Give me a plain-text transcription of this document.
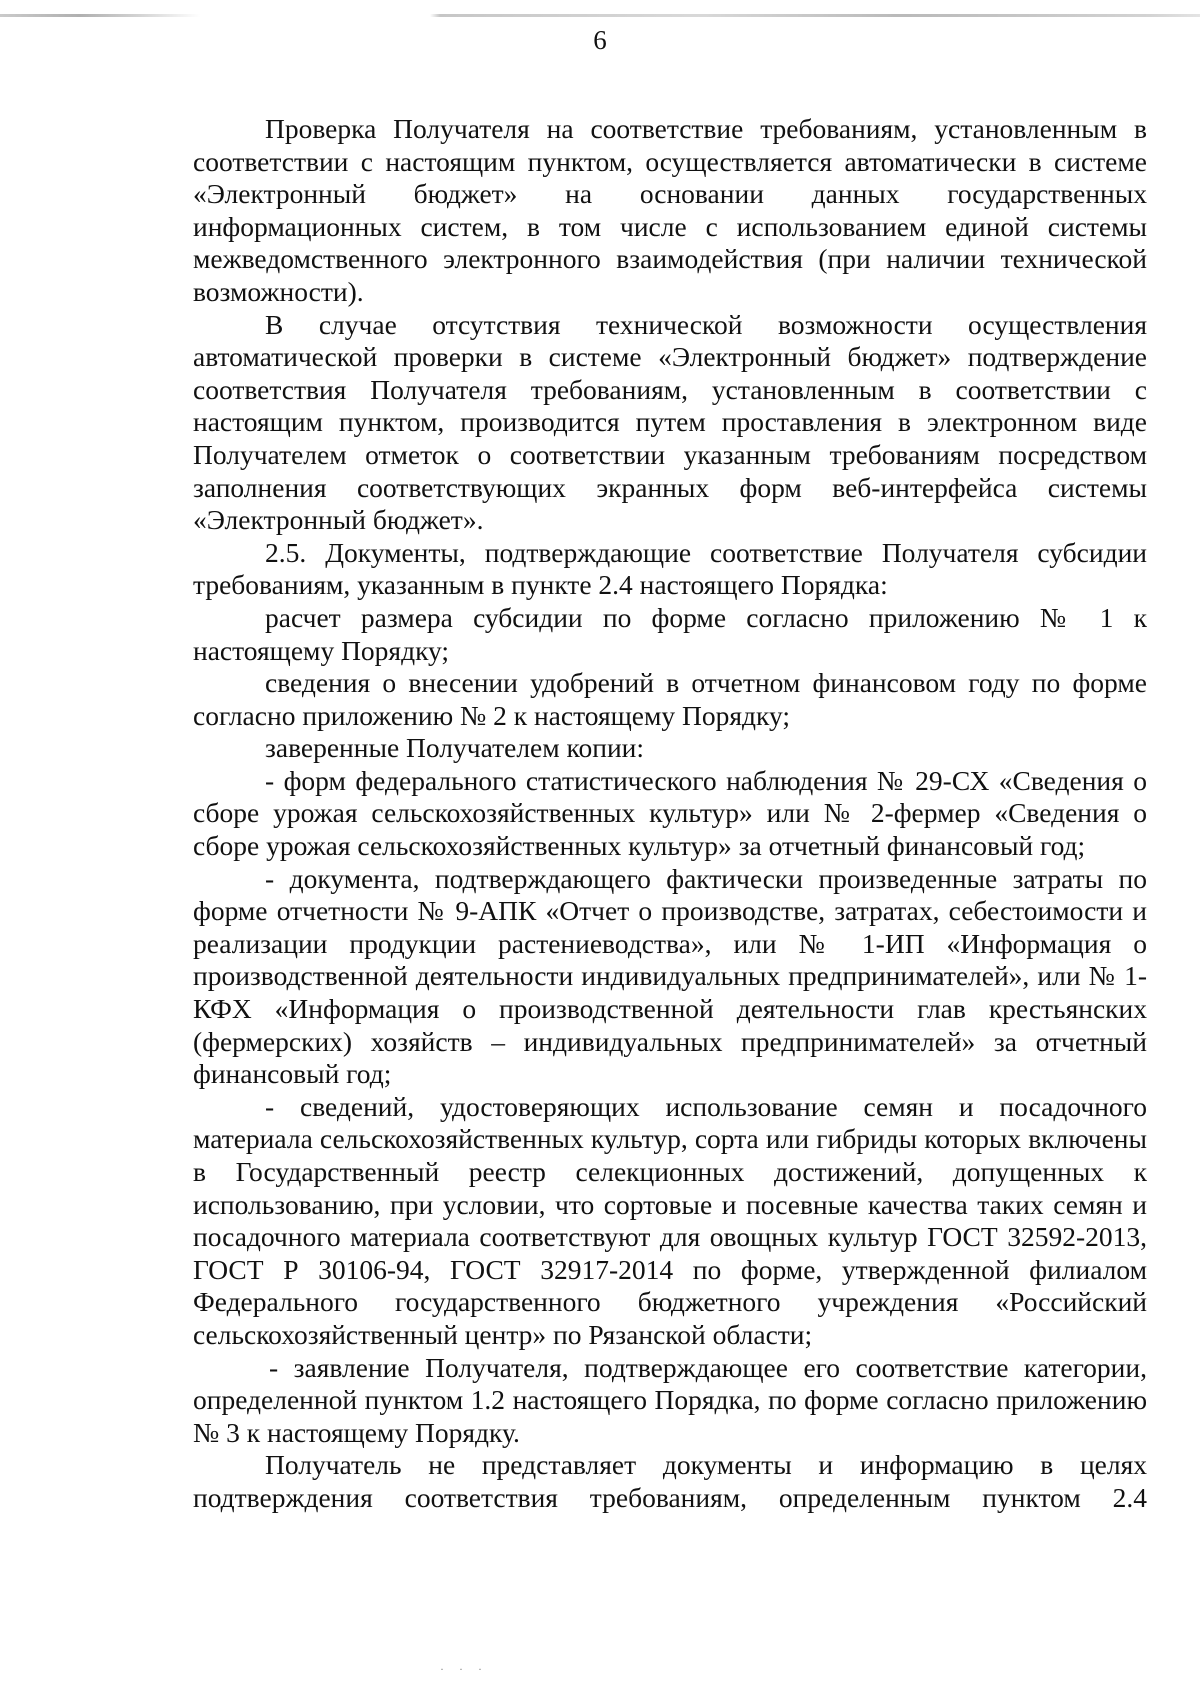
6

Проверка Получателя на соответствие требованиям, установленным в соответствии с настоящим пунктом, осуществляется автоматически в системе «Электронный бюджет» на основании данных государственных информационных систем, в том числе с использованием единой системы межведомственного электронного взаимодействия (при наличии технической возможности).

В случае отсутствия технической возможности осуществления автоматической проверки в системе «Электронный бюджет» подтверждение соответствия Получателя требованиям, установленным в соответствии с настоящим пунктом, производится путем проставления в электронном виде Получателем отметок о соответствии указанным требованиям посредством заполнения соответствующих экранных форм веб-интерфейса системы «Электронный бюджет».

2.5. Документы, подтверждающие соответствие Получателя субсидии требованиям, указанным в пункте 2.4 настоящего Порядка:

расчет размера субсидии по форме согласно приложению № 1 к настоящему Порядку;

сведения о внесении удобрений в отчетном финансовом году по форме согласно приложению № 2 к настоящему Порядку;

заверенные Получателем копии:

- форм федерального статистического наблюдения № 29-СХ «Сведения о сборе урожая сельскохозяйственных культур» или № 2-фермер «Сведения о сборе урожая сельскохозяйственных культур» за отчетный финансовый год;

- документа, подтверждающего фактически произведенные затраты по форме отчетности № 9-АПК «Отчет о производстве, затратах, себестоимости и реализации продукции растениеводства», или № 1-ИП «Информация о производственной деятельности индивидуальных предпринимателей», или № 1-КФХ «Информация о производственной деятельности глав крестьянских (фермерских) хозяйств – индивидуальных предпринимателей» за отчетный финансовый год;

- сведений, удостоверяющих использование семян и посадочного материала сельскохозяйственных культур, сорта или гибриды которых включены в Государственный реестр селекционных достижений, допущенных к использованию, при условии, что сортовые и посевные качества таких семян и посадочного материала соответствуют для овощных культур ГОСТ 32592-2013, ГОСТ Р 30106-94, ГОСТ 32917-2014 по форме, утвержденной филиалом Федерального государственного бюджетного учреждения «Российский сельскохозяйственный центр» по Рязанской области;

- заявление Получателя, подтверждающее его соответствие категории, определенной пунктом 1.2 настоящего Порядка, по форме согласно приложению № 3 к настоящему Порядку.

Получатель не представляет документы и информацию в целях подтверждения соответствия требованиям, определенным пунктом 2.4

· · ·
